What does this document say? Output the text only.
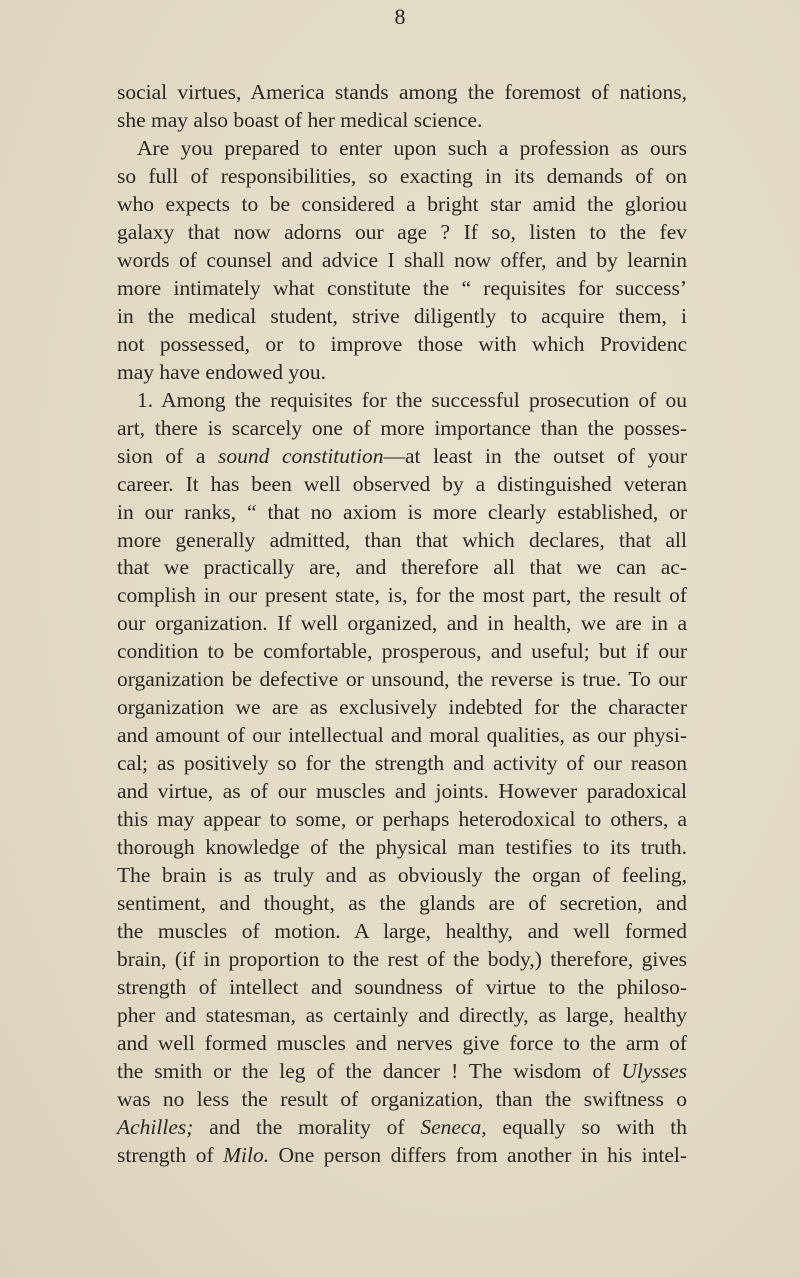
8
social virtues, America stands among the foremost of nations,
she may also boast of her medical science.
Are you prepared to enter upon such a profession as ours
so full of responsibilities, so exacting in its demands of on
who expects to be considered a bright star amid the gloriou
galaxy that now adorns our age ? If so, listen to the fev
words of counsel and advice I shall now offer, and by learnin
more intimately what constitute the “ requisites for success’
in the medical student, strive diligently to acquire them, i
not possessed, or to improve those with which Providenc
may have endowed you.
1. Among the requisites for the successful prosecution of ou
art, there is scarcely one of more importance than the posses-
sion of a sound constitution—at least in the outset of your
career. It has been well observed by a distinguished veteran
in our ranks, “ that no axiom is more clearly established, or
more generally admitted, than that which declares, that all
that we practically are, and therefore all that we can ac-
complish in our present state, is, for the most part, the result of
our organization. If well organized, and in health, we are in a
condition to be comfortable, prosperous, and useful; but if our
organization be defective or unsound, the reverse is true. To our
organization we are as exclusively indebted for the character
and amount of our intellectual and moral qualities, as our physi-
cal; as positively so for the strength and activity of our reason
and virtue, as of our muscles and joints. However paradoxical
this may appear to some, or perhaps heterodoxical to others, a
thorough knowledge of the physical man testifies to its truth.
The brain is as truly and as obviously the organ of feeling,
sentiment, and thought, as the glands are of secretion, and
the muscles of motion. A large, healthy, and well formed
brain, (if in proportion to the rest of the body,) therefore, gives
strength of intellect and soundness of virtue to the philoso-
pher and statesman, as certainly and directly, as large, healthy
and well formed muscles and nerves give force to the arm of
the smith or the leg of the dancer ! The wisdom of Ulysses
was no less the result of organization, than the swiftness o
Achilles; and the morality of Seneca, equally so with th
strength of Milo. One person differs from another in his intel-
